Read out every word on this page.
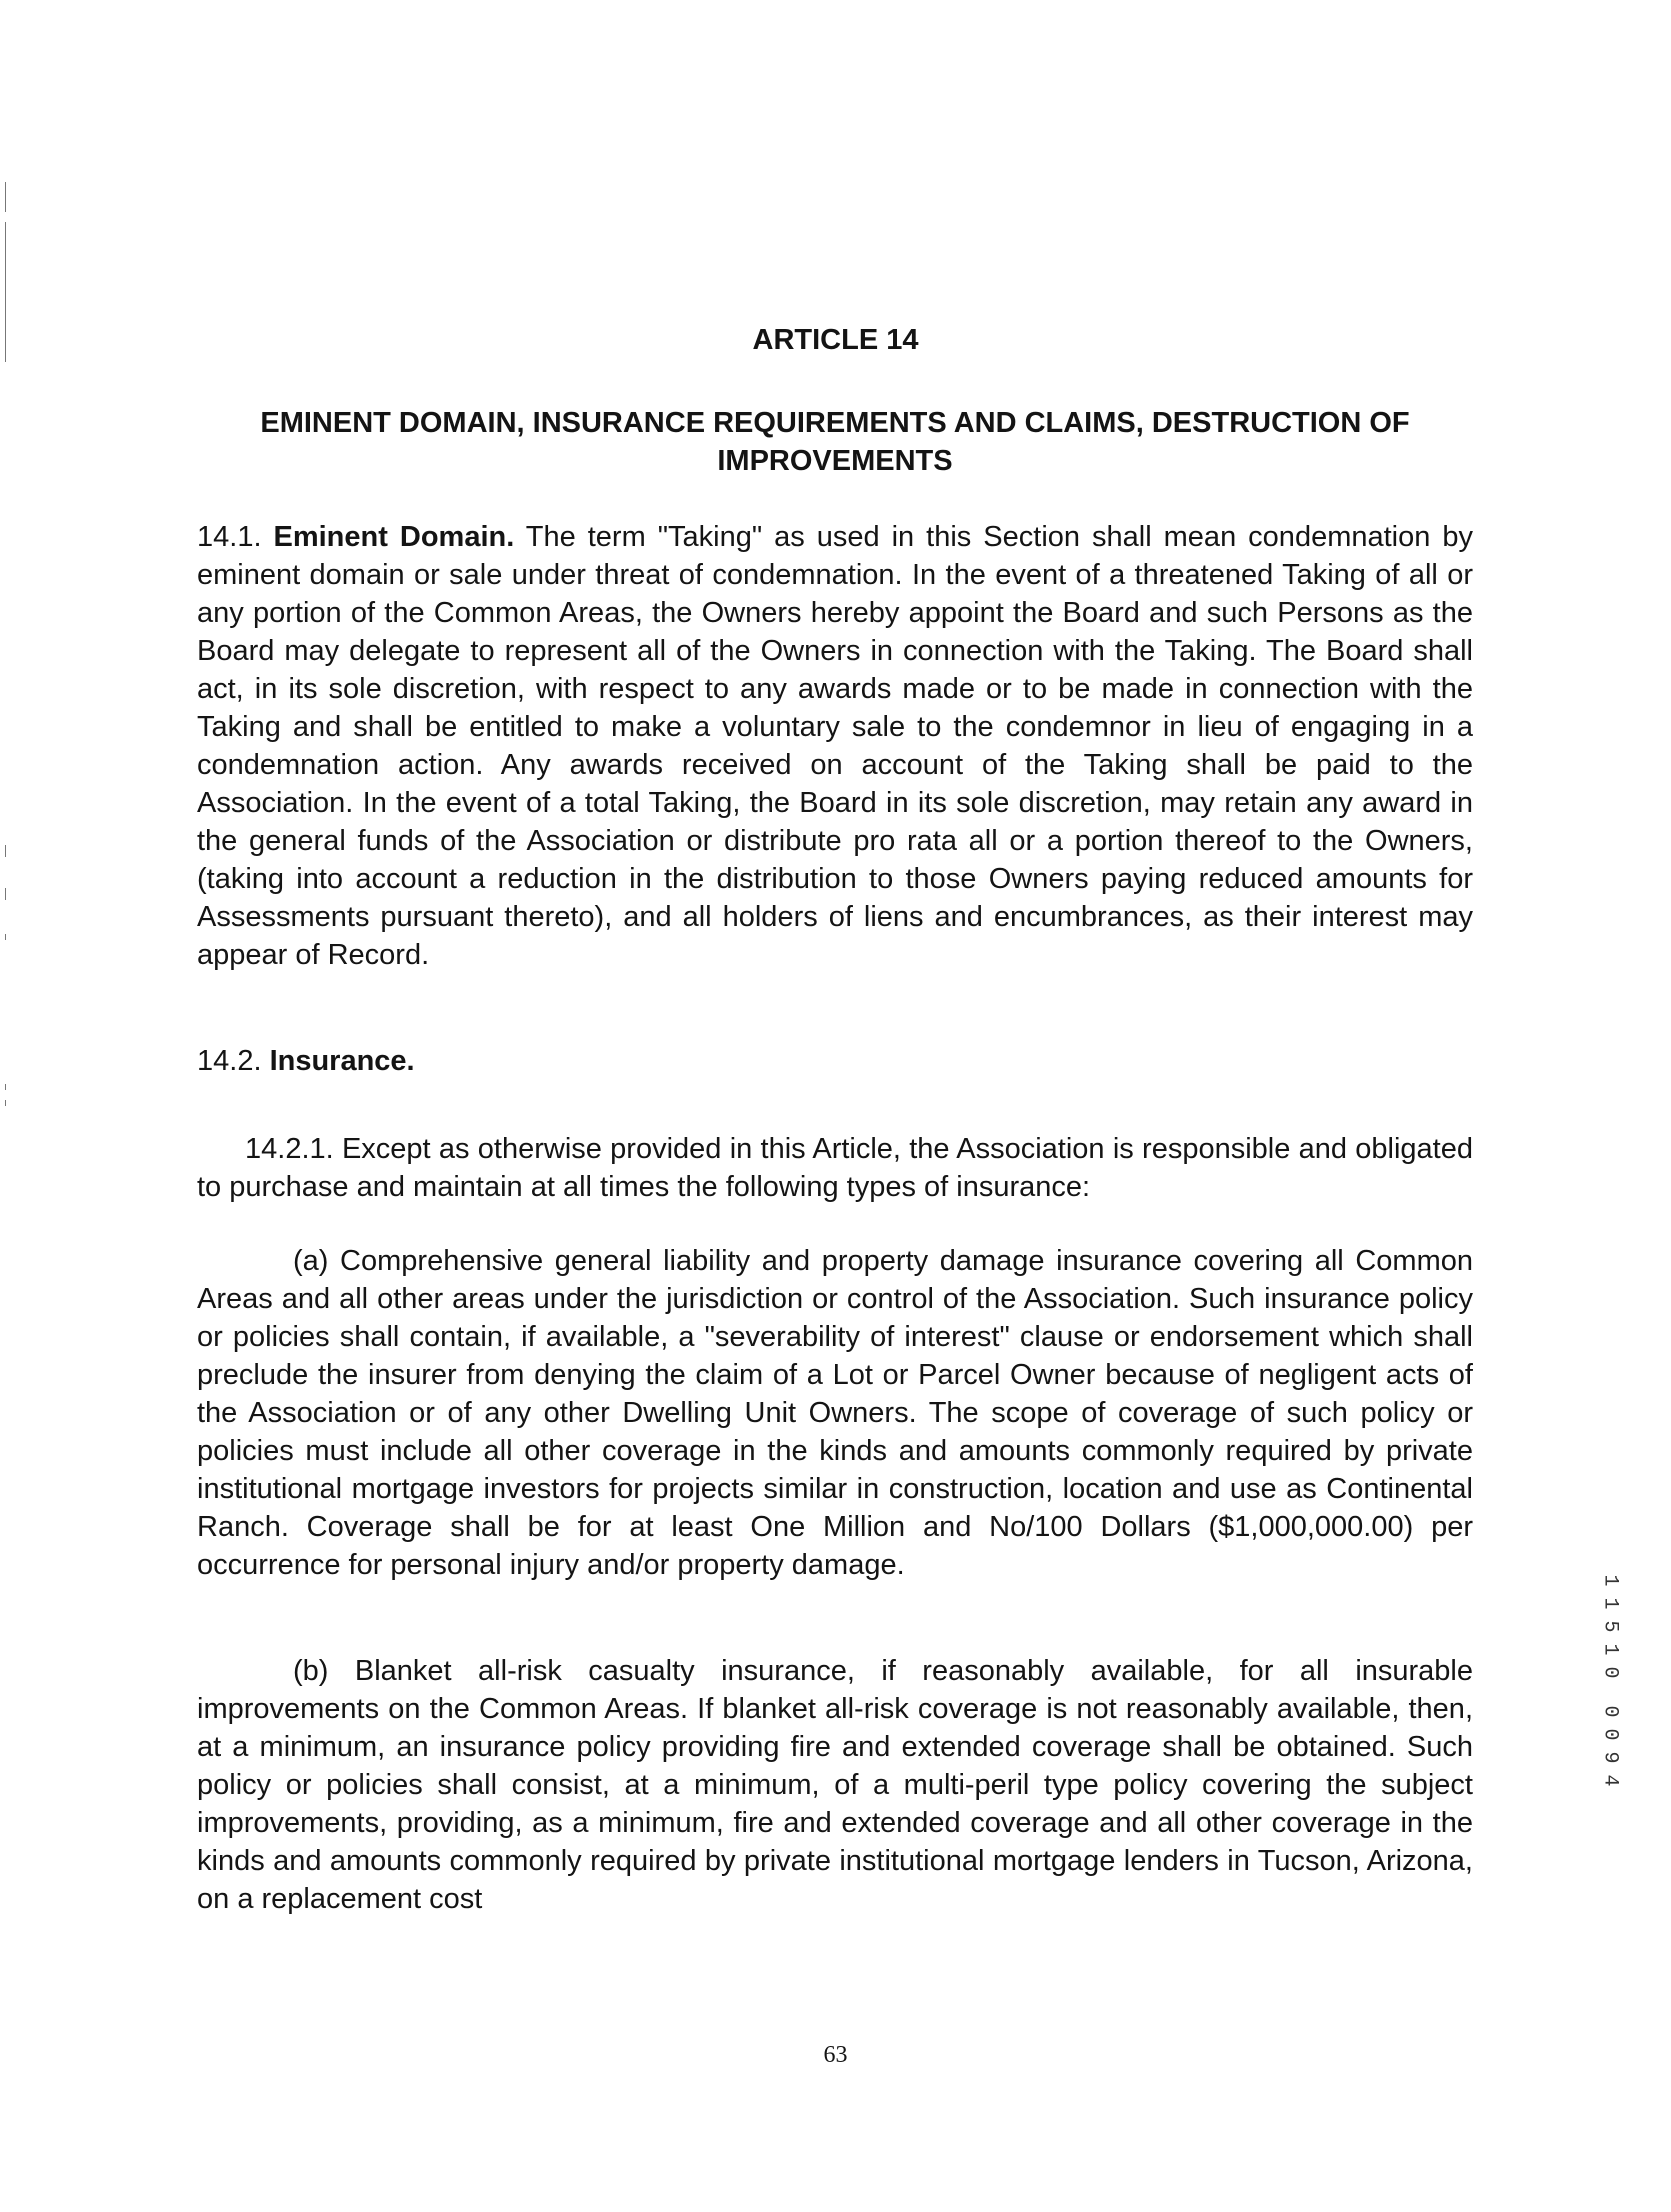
ARTICLE 14
EMINENT DOMAIN, INSURANCE REQUIREMENTS AND CLAIMS, DESTRUCTION OF IMPROVEMENTS

14.1. Eminent Domain. The term "Taking" as used in this Section shall mean condemnation by eminent domain or sale under threat of condemnation. In the event of a threatened Taking of all or any portion of the Common Areas, the Owners hereby appoint the Board and such Persons as the Board may delegate to represent all of the Owners in connection with the Taking. The Board shall act, in its sole discretion, with respect to any awards made or to be made in connection with the Taking and shall be entitled to make a voluntary sale to the condemnor in lieu of engaging in a condemnation action. Any awards received on account of the Taking shall be paid to the Association. In the event of a total Taking, the Board in its sole discretion, may retain any award in the general funds of the Association or distribute pro rata all or a portion thereof to the Owners, (taking into account a reduction in the distribution to those Owners paying reduced amounts for Assessments pursuant thereto), and all holders of liens and encumbrances, as their interest may appear of Record.

14.2. Insurance.

14.2.1. Except as otherwise provided in this Article, the Association is responsible and obligated to purchase and maintain at all times the following types of insurance:

(a) Comprehensive general liability and property damage insurance covering all Common Areas and all other areas under the jurisdiction or control of the Association. Such insurance policy or policies shall contain, if available, a "severability of interest" clause or endorsement which shall preclude the insurer from denying the claim of a Lot or Parcel Owner because of negligent acts of the Association or of any other Dwelling Unit Owners. The scope of coverage of such policy or policies must include all other coverage in the kinds and amounts commonly required by private institutional mortgage investors for projects similar in construction, location and use as Continental Ranch. Coverage shall be for at least One Million and No/100 Dollars ($1,000,000.00) per occurrence for personal injury and/or property damage.

(b) Blanket all-risk casualty insurance, if reasonably available, for all insurable improvements on the Common Areas. If blanket all-risk coverage is not reasonably available, then, at a minimum, an insurance policy providing fire and extended coverage shall be obtained. Such policy or policies shall consist, at a minimum, of a multi-peril type policy covering the subject improvements, providing, as a minimum, fire and extended coverage and all other coverage in the kinds and amounts commonly required by private institutional mortgage lenders in Tucson, Arizona, on a replacement cost

1
1
5
1
0

0
0
9
4

63
